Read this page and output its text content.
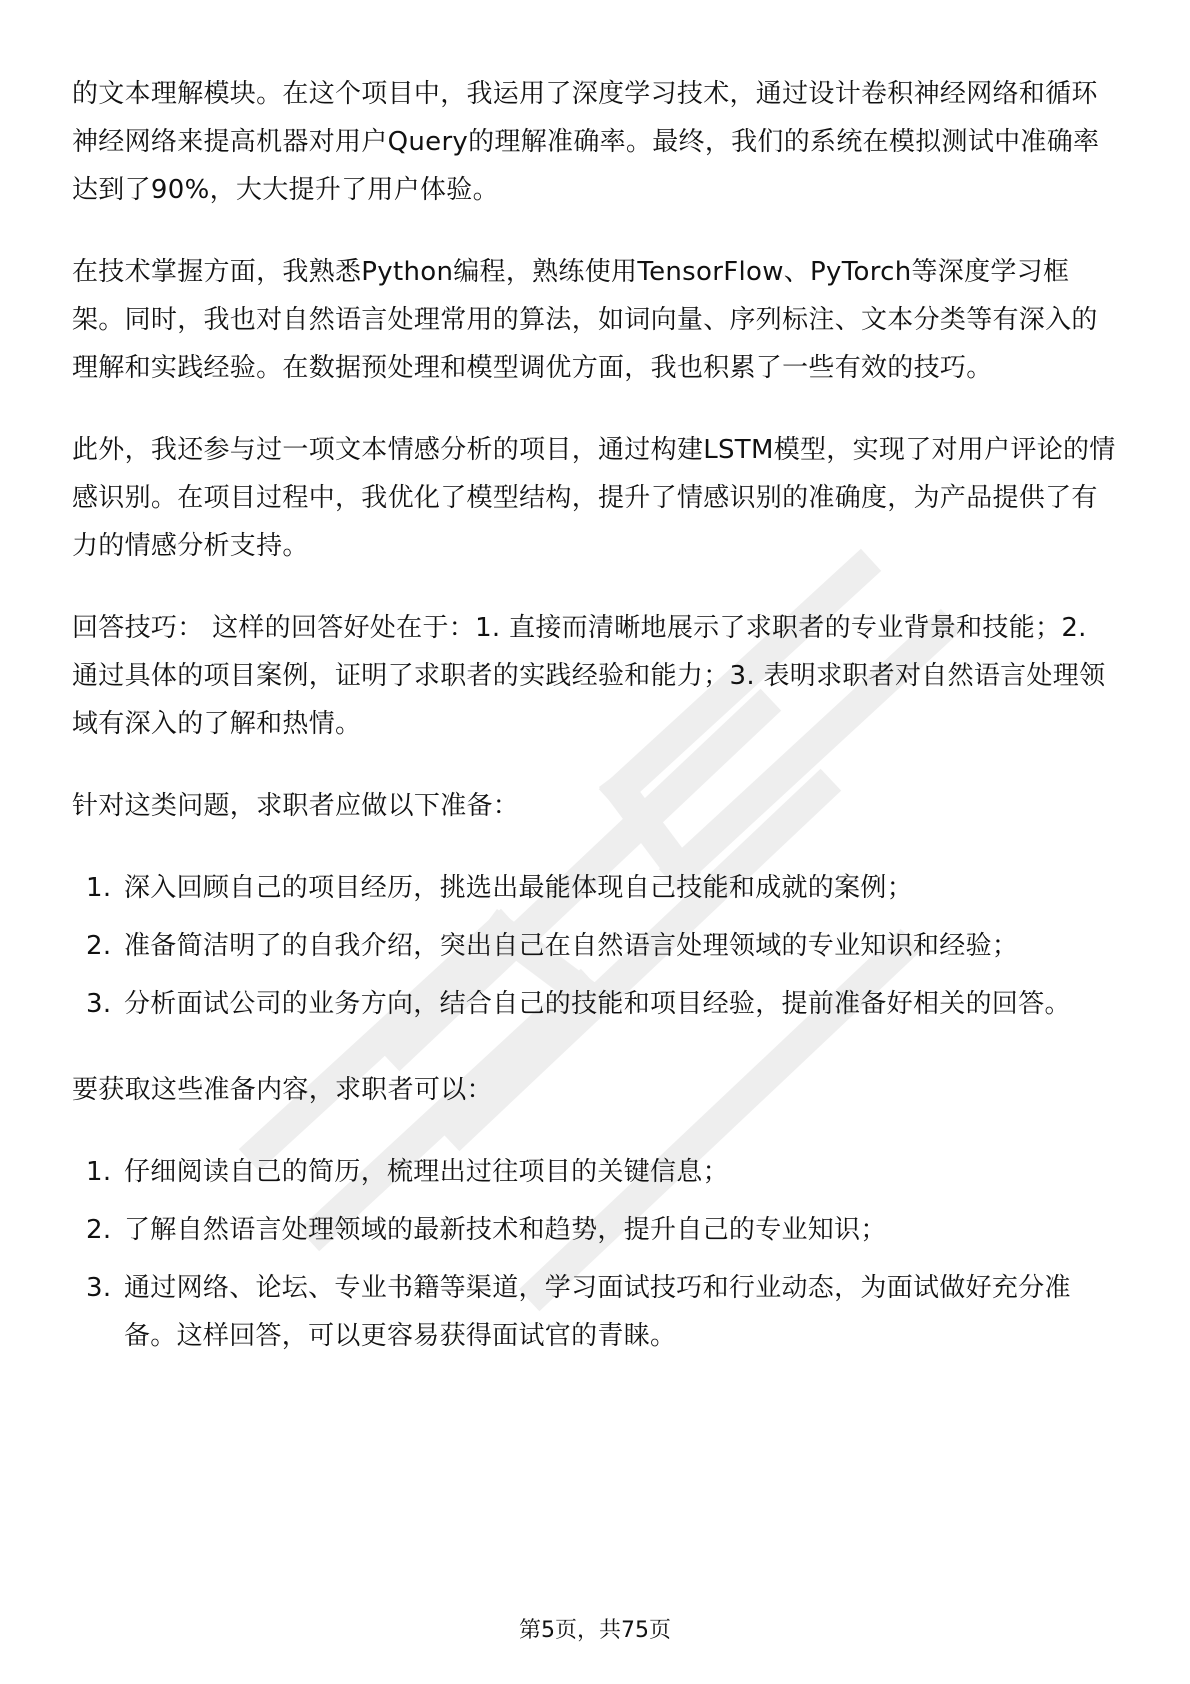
的文本理解模块。在这个项目中，我运用了深度学习技术，通过设计卷积神经网络和循环神经网络来提高机器对用户Query的理解准确率。最终，我们的系统在模拟测试中准确率达到了90%，大大提升了用户体验。

在技术掌握方面，我熟悉Python编程，熟练使用TensorFlow、PyTorch等深度学习框架。同时，我也对自然语言处理常用的算法，如词向量、序列标注、文本分类等有深入的理解和实践经验。在数据预处理和模型调优方面，我也积累了一些有效的技巧。

此外，我还参与过一项文本情感分析的项目，通过构建LSTM模型，实现了对用户评论的情感识别。在项目过程中，我优化了模型结构，提升了情感识别的准确度，为产品提供了有力的情感分析支持。

回答技巧： 这样的回答好处在于：1. 直接而清晰地展示了求职者的专业背景和技能；2. 通过具体的项目案例，证明了求职者的实践经验和能力；3. 表明求职者对自然语言处理领域有深入的了解和热情。

针对这类问题，求职者应做以下准备：

1. 深入回顾自己的项目经历，挑选出最能体现自己技能和成就的案例；
2. 准备简洁明了的自我介绍，突出自己在自然语言处理领域的专业知识和经验；
3. 分析面试公司的业务方向，结合自己的技能和项目经验，提前准备好相关的回答。

要获取这些准备内容，求职者可以：

1. 仔细阅读自己的简历，梳理出过往项目的关键信息；
2. 了解自然语言处理领域的最新技术和趋势，提升自己的专业知识；
3. 通过网络、论坛、专业书籍等渠道，学习面试技巧和行业动态，为面试做好充分准备。这样回答，可以更容易获得面试官的青睐。
第5页，共75页
